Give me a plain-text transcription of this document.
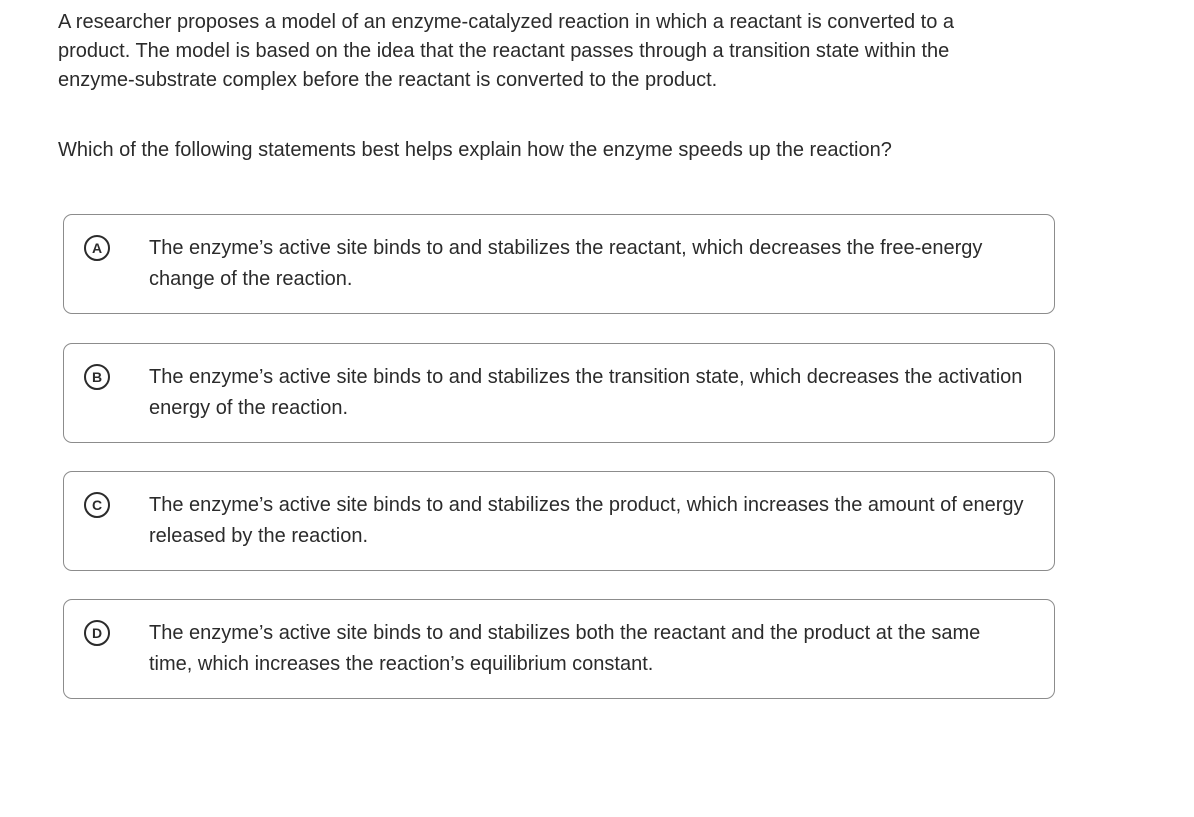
A researcher proposes a model of an enzyme-catalyzed reaction in which a reactant is converted to a product. The model is based on the idea that the reactant passes through a transition state within the enzyme-substrate complex before the reactant is converted to the product.

Which of the following statements best helps explain how the enzyme speeds up the reaction?

A	The enzyme’s active site binds to and stabilizes the reactant, which decreases the free-energy change of the reaction.

B	The enzyme’s active site binds to and stabilizes the transition state, which decreases the activation energy of the reaction.

C	The enzyme’s active site binds to and stabilizes the product, which increases the amount of energy released by the reaction.

D	The enzyme’s active site binds to and stabilizes both the reactant and the product at the same time, which increases the reaction’s equilibrium constant.
